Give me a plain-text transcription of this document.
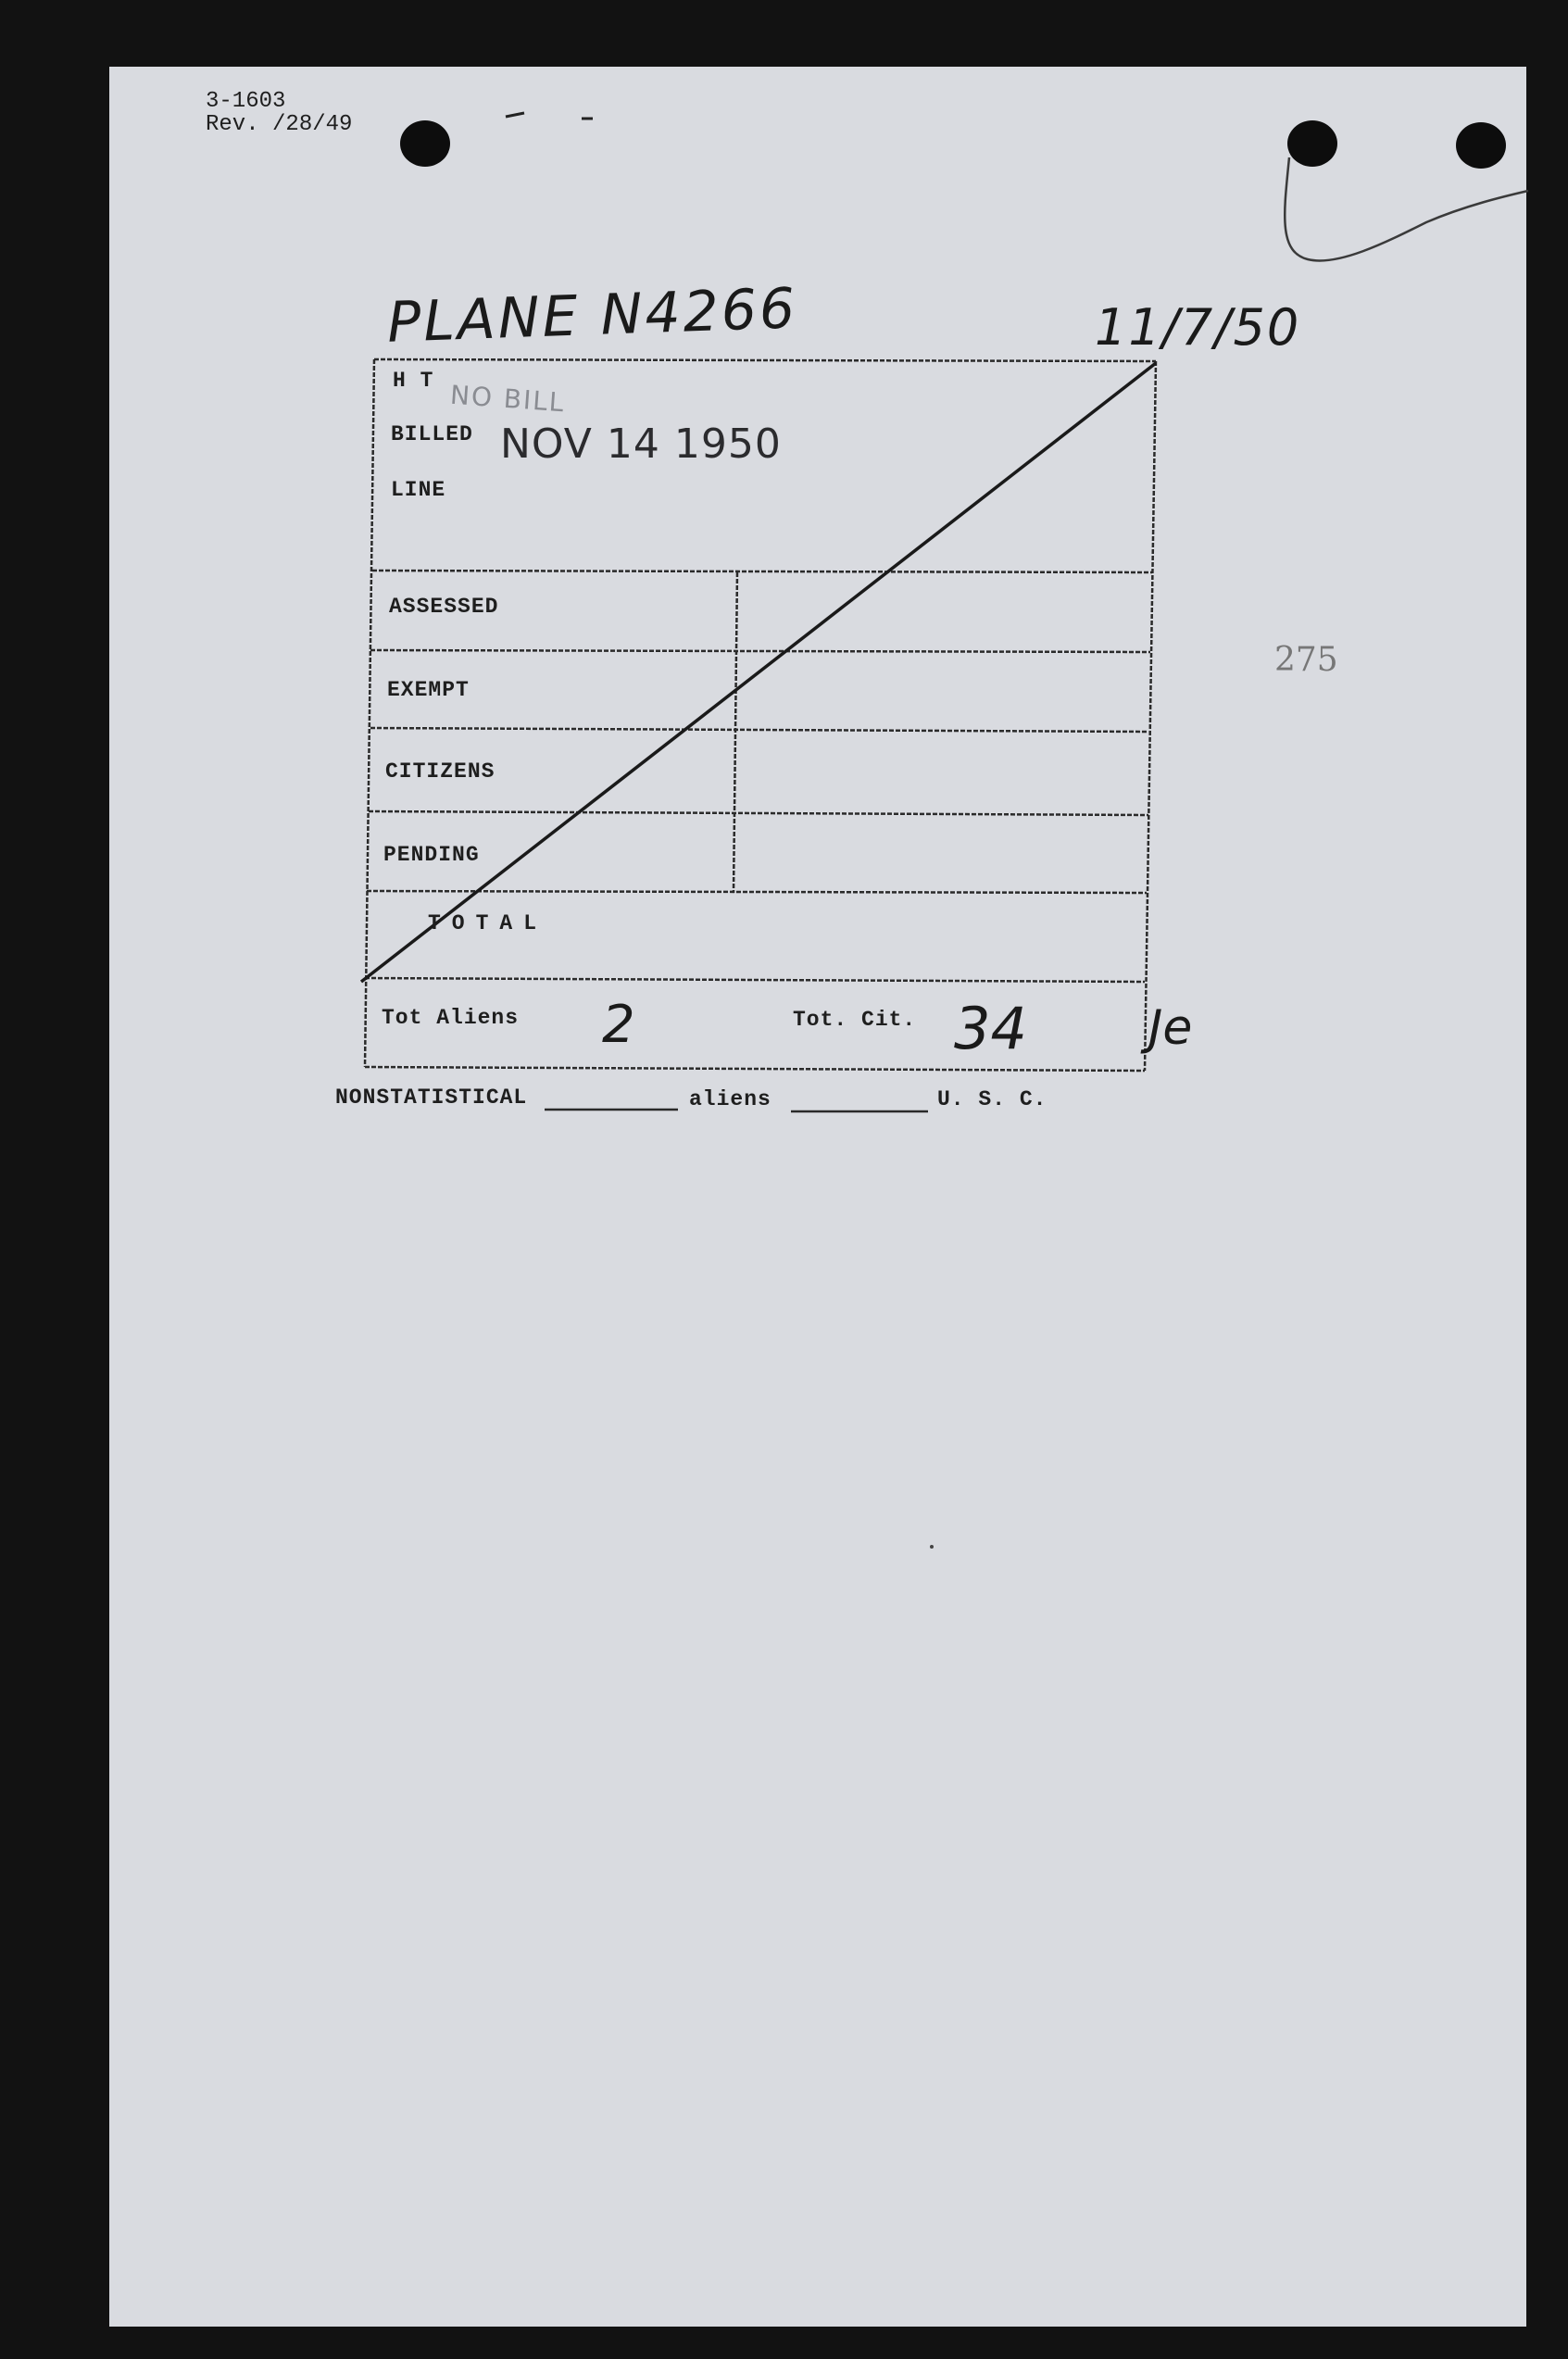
3-1603
Rev. /28/49
PLANE N4266	11/7/50
275
H T NO BILL
BILLED NOV 14 1950
LINE
ASSESSED
EXEMPT
CITIZENS
PENDING
TOTAL
Tot Aliens 2	Tot. Cit. 34	Je
NONSTATISTICAL	aliens	U. S. C.
